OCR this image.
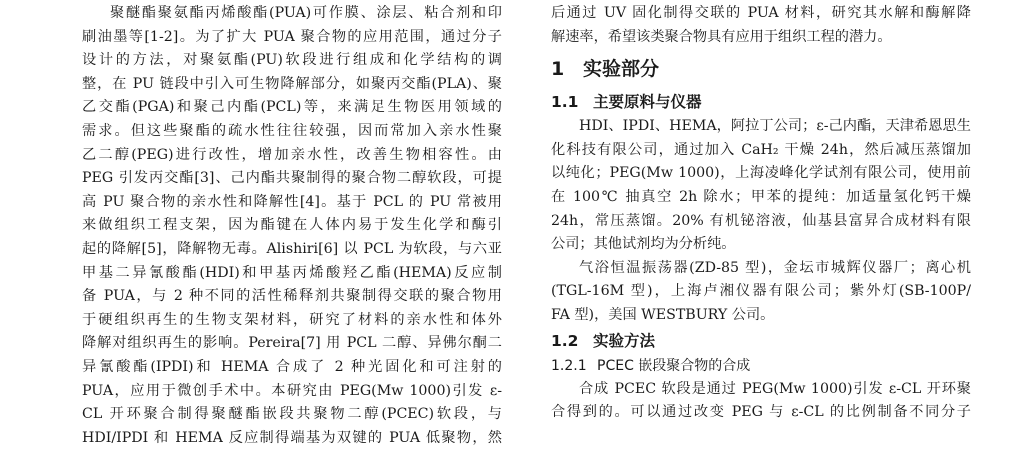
聚醚酯聚氨酯丙烯酸酯(PUA)可作膜、涂层、粘合剂和印
刷油墨等[1-2]。为了扩大 PUA 聚合物的应用范围，通过分子
设计的方法，对聚氨酯(PU)软段进行组成和化学结构的调
整，在 PU 链段中引入可生物降解部分，如聚丙交酯(PLA)、聚
乙交酯(PGA)和聚己内酯(PCL)等，来满足生物医用领域的
需求。但这些聚酯的疏水性往往较强，因而常加入亲水性聚
乙二醇(PEG)进行改性，增加亲水性，改善生物相容性。由
PEG 引发丙交酯[3]、己内酯共聚制得的聚合物二醇软段，可提
高 PU 聚合物的亲水性和降解性[4]。基于 PCL 的 PU 常被用
来做组织工程支架，因为酯键在人体内易于发生化学和酶引
起的降解[5]，降解物无毒。Alishiri[6] 以 PCL 为软段，与六亚
甲基二异氰酸酯(HDI)和甲基丙烯酸羟乙酯(HEMA)反应制
备 PUA，与 2 种不同的活性稀释剂共聚制得交联的聚合物用
于硬组织再生的生物支架材料，研究了材料的亲水性和体外
降解对组织再生的影响。Pereira[7] 用 PCL 二醇、异佛尔酮二
异氰酸酯(IPDI)和 HEMA 合成了 2 种光固化和可注射的
PUA，应用于微创手术中。本研究由 PEG(Mw 1000)引发 ε-
CL 开环聚合制得聚醚酯嵌段共聚物二醇(PCEC)软段，与
HDI/IPDI 和 HEMA 反应制得端基为双键的 PUA 低聚物，然
后通过 UV 固化制得交联的 PUA 材料，研究其水解和酶解降
解速率，希望该类聚合物具有应用于组织工程的潜力。
1 实验部分
1.1 主要原料与仪器
HDI、IPDI、HEMA，阿拉丁公司；ε-己内酯，天津希恩思生
化科技有限公司，通过加入 CaH₂ 干燥 24h，然后减压蒸馏加
以纯化；PEG(Mw 1000)，上海凌峰化学试剂有限公司，使用前
在 100℃ 抽真空 2h 除水；甲苯的提纯：加适量氢化钙干燥
24h，常压蒸馏。20% 有机铋溶液，仙基县富昇合成材料有限
公司；其他试剂均为分析纯。
气浴恒温振荡器(ZD-85 型)，金坛市城辉仪器厂；离心机
(TGL-16M 型)，上海卢湘仪器有限公司；紫外灯(SB-100P/
FA 型)，美国 WESTBURY 公司。
1.2 实验方法
1.2.1 PCEC 嵌段聚合物的合成
合成 PCEC 软段是通过 PEG(Mw 1000)引发 ε-CL 开环聚
合得到的。可以通过改变 PEG 与 ε-CL 的比例制备不同分子
